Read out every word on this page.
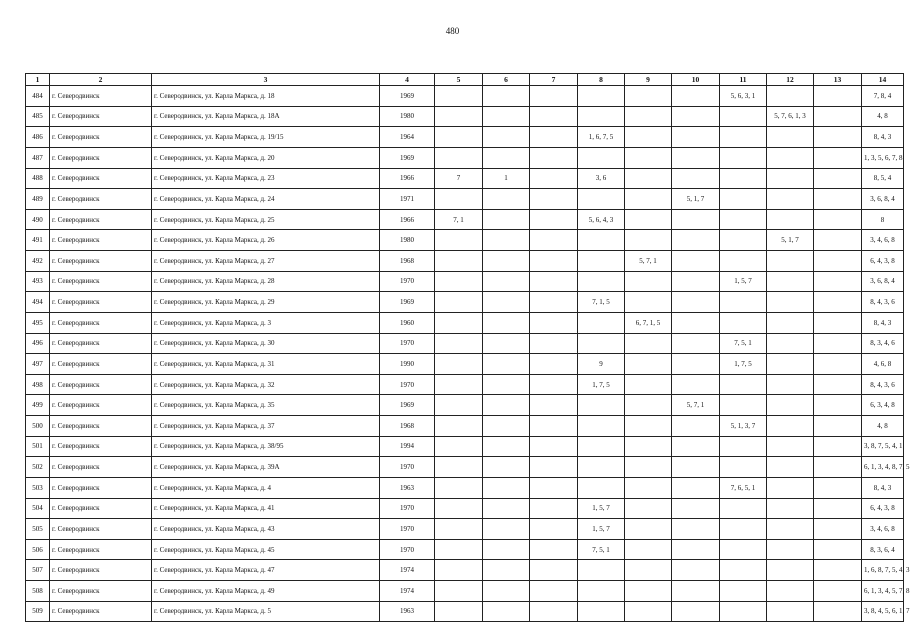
480
1	2	3	4	5	6	7	8	9	10	11	12	13	14
484	г. Северодвинск	г. Северодвинск, ул. Карла Маркса, д. 18	1969							5, 6, 3, 1			7, 8, 4
485	г. Северодвинск	г. Северодвинск, ул. Карла Маркса, д. 18А	1980								5, 7, 6, 1, 3		4, 8
486	г. Северодвинск	г. Северодвинск, ул. Карла Маркса, д. 19/15	1964				1, 6, 7, 5						8, 4, 3
487	г. Северодвинск	г. Северодвинск, ул. Карла Маркса, д. 20	1969										1, 3, 5, 6, 7, 8
488	г. Северодвинск	г. Северодвинск, ул. Карла Маркса, д. 23	1966	7	1		3, 6						8, 5, 4
489	г. Северодвинск	г. Северодвинск, ул. Карла Маркса, д. 24	1971						5, 1, 7				3, 6, 8, 4
490	г. Северодвинск	г. Северодвинск, ул. Карла Маркса, д. 25	1966	7, 1			5, 6, 4, 3						8
491	г. Северодвинск	г. Северодвинск, ул. Карла Маркса, д. 26	1980								5, 1, 7		3, 4, 6, 8
492	г. Северодвинск	г. Северодвинск, ул. Карла Маркса, д. 27	1968					5, 7, 1					6, 4, 3, 8
493	г. Северодвинск	г. Северодвинск, ул. Карла Маркса, д. 28	1970							1, 5, 7			3, 6, 8, 4
494	г. Северодвинск	г. Северодвинск, ул. Карла Маркса, д. 29	1969				7, 1, 5						8, 4, 3, 6
495	г. Северодвинск	г. Северодвинск, ул. Карла Маркса, д. 3	1960					6, 7, 1, 5					8, 4, 3
496	г. Северодвинск	г. Северодвинск, ул. Карла Маркса, д. 30	1970							7, 5, 1			8, 3, 4, 6
497	г. Северодвинск	г. Северодвинск, ул. Карла Маркса, д. 31	1990				9			1, 7, 5			4, 6, 8
498	г. Северодвинск	г. Северодвинск, ул. Карла Маркса, д. 32	1970				1, 7, 5						8, 4, 3, 6
499	г. Северодвинск	г. Северодвинск, ул. Карла Маркса, д. 35	1969						5, 7, 1				6, 3, 4, 8
500	г. Северодвинск	г. Северодвинск, ул. Карла Маркса, д. 37	1968							5, 1, 3, 7			4, 8
501	г. Северодвинск	г. Северодвинск, ул. Карла Маркса, д. 38/95	1994										3, 8, 7, 5, 4, 1
502	г. Северодвинск	г. Северодвинск, ул. Карла Маркса, д. 39А	1970										6, 1, 3, 4, 8, 7, 5
503	г. Северодвинск	г. Северодвинск, ул. Карла Маркса, д. 4	1963							7, 6, 5, 1			8, 4, 3
504	г. Северодвинск	г. Северодвинск, ул. Карла Маркса, д. 41	1970				1, 5, 7						6, 4, 3, 8
505	г. Северодвинск	г. Северодвинск, ул. Карла Маркса, д. 43	1970				1, 5, 7						3, 4, 6, 8
506	г. Северодвинск	г. Северодвинск, ул. Карла Маркса, д. 45	1970				7, 5, 1						8, 3, 6, 4
507	г. Северодвинск	г. Северодвинск, ул. Карла Маркса, д. 47	1974										1, 6, 8, 7, 5, 4, 3
508	г. Северодвинск	г. Северодвинск, ул. Карла Маркса, д. 49	1974										6, 1, 3, 4, 5, 7, 8
509	г. Северодвинск	г. Северодвинск, ул. Карла Маркса, д. 5	1963										3, 8, 4, 5, 6, 1, 7
